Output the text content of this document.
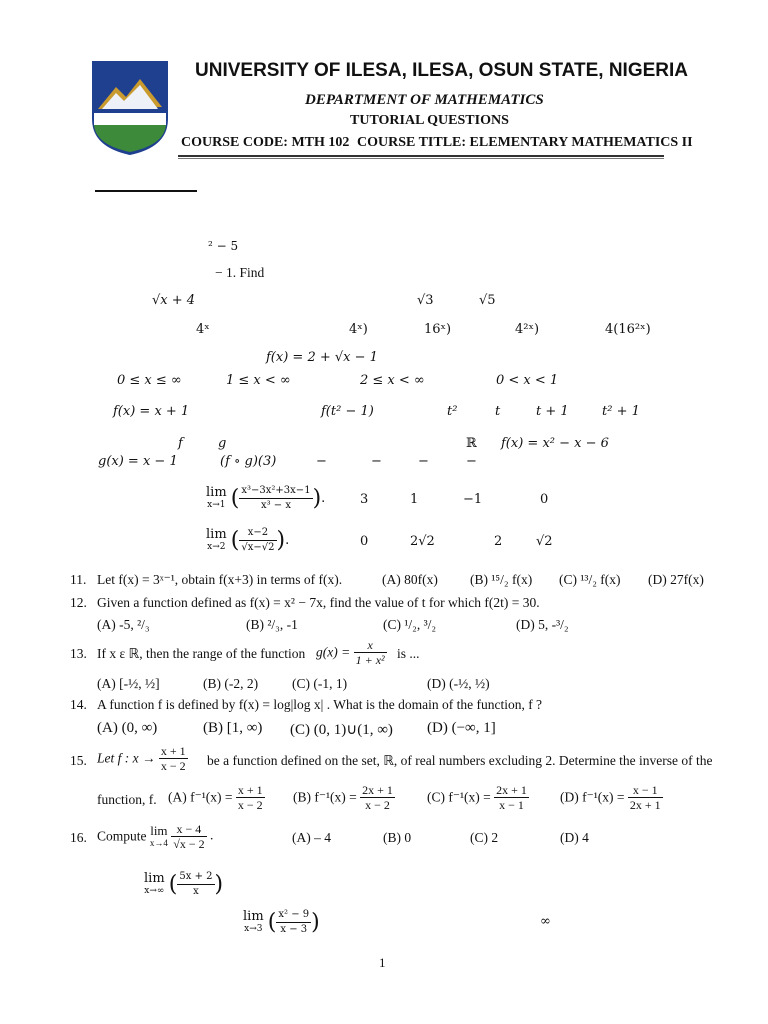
UNIVERSITY OF ILESA, ILESA, OSUN STATE, NIGERIA
DEPARTMENT OF MATHEMATICS
TUTORIAL QUESTIONS
COURSE CODE: MTH 102 COURSE TITLE: ELEMENTARY MATHEMATICS II
² − 5
− 1. Find
√x + 4	√3	√5
4ˣ	4ˣ)	16ˣ)	4²ˣ)	4(16²ˣ)
f(x) = 2 + √x − 1
0 ≤ x ≤ ∞	1 ≤ x < ∞	2 ≤ x < ∞	0 < x < 1
f(x) = x + 1	f(t² − 1)	t²	t	t + 1	t² + 1
f	g	ℝ f(x) = x² − x − 6
g(x) = x − 1	(f ∘ g)(3)	−	−	−	−
lim
x→1 ( $\frac{\text{x³−3x²+3x−1}}{\text{x³ − x}}$ ).	3	1	−1	0
lim
x→2 ( $\frac{x-2}{√x-√2}$ ).	0	2√2	2	√2
11. Let f(x) = 3ˣ⁻¹, obtain f(x+3) in terms of f(x).	(A) 80f(x) (B) ¹⁵/₂ f(x) (C) ¹³/₂ f(x) (D) 27f(x)
12. Given a function defined as f(x) = x² − 7x, find the value of t for which f(2t) = 30.
(A) -5, ²/₃	(B) ²/₃, -1	(C) ¹/₂, ³/₂	(D) 5, -³/₂
13. If x ε ℝ, then the range of the function $g(x) = \frac{x}{\text{1 + x²}}$ is ...
(A) [-½, ½]	(B) (-2, 2)	(C) (-1, 1)	(D) (-½, ½)
14. A function f is defined by f(x) = log|log x| . What is the domain of the function, f ?
(A) (0, ∞)	(B) [1, ∞) (C) (0, 1)∪(1, ∞) (D) (−∞, 1]
15. Let f : $x \to \frac{x + 1}{x - 2}$ be a function defined on the set, ℝ, of real numbers excluding 2. Determine the inverse of the
function, f. (A) $f^{-1}(x) = \frac{x + 1}{x - 2} (B) f^{-1}(x) = \frac{2x + 1}{x - 2} (C) f^{-1}(x) = \frac{2x + 1}{x - 1} (D) f^{-1}(x) = \frac{x - 1}{2x + 1}$
16. Compute lim
x→4
$\frac{x - 4}{√x - 2}$ .	(A) – 4	(B) 0	(C) 2	(D) 4
lim
x→∞ ( $\frac{5x + 2}{x}$ )
lim
x→3 ( $\frac{\text{x² − 9}}{x - 3}$ )	∞
1
